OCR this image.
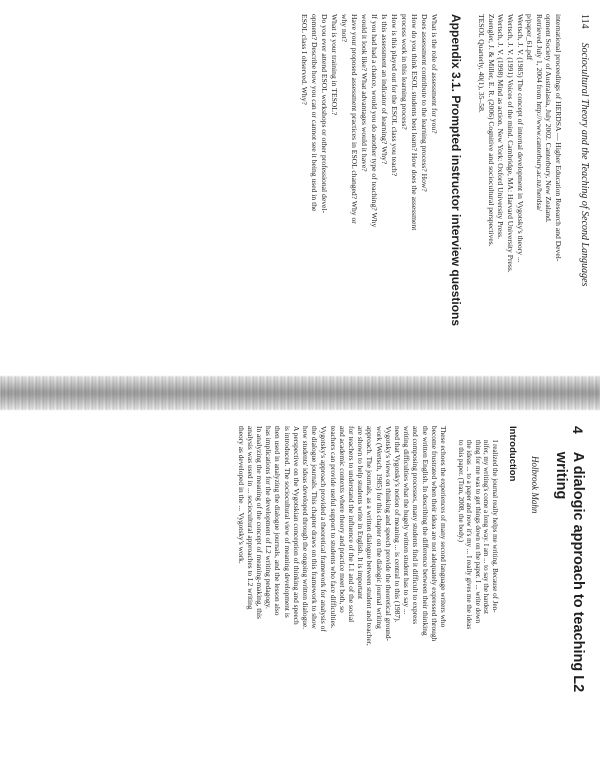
114
Sociocultural Theory and the Teaching of Second Languages

international proceedings of HERDSA — Higher Education Research and Devel-

opment Society of Australasia, July 2002. Canterbury, New Zealand.

Retrieved July 1, 2004 from http://www.canterbury.ac.nz/herdsa/

p/paper_61.pdf

Wertsch, J. V. (1985) The concept of internal development in Vygotsky's theory ...

Wertsch, J. V. (1991) Voices of the mind. Cambridge, MA: Harvard University Press.

Wertsch, J. V. (1998) Mind as action. New York: Oxford University Press.

Zuengler, J. & Miller, E. R. (2006) Cognitive and sociocultural perspectives.

TESOL Quarterly, 40(1), 35–58.

Appendix 3.1. Prompted instructor interview questions

What is the role of assessment for you?

Does assessment contribute to the learning process? How?

How do you think ESOL students best learn? How does the assessment

process work in this learning process?

How is this played out for the ESOL class you teach?

Is this assessment an indicator of learning? Why?

If you had had a chance, would you do another type of teaching? Why

would it look like? What advantages would it have?

Have your proposed assessment practices in ESOL changed? Why or

why not?

What is your training in TESOL?

Do you ever attend ESOL workshops or other professional devel-

opment? Describe how you can or cannot see it being used in the

ESOL class I observed. Why?

4
A dialogic approach to teaching L2
writing

Holbrook Mahn

Introduction

I realized the journal really helps me writing. Because of Jen-

nifer, my writing's come a long way. I am ... to say the hardest

thing for me was to get things down on the paper. I ... write down

the ideas ... to a paper and now it's my ... I really gives me the ideas

to this paper. (Tran, 2008, the body.)

These echoes the experiences of many second language writers who

become frustrated when their ideas are not adequately expressed through

the written English. In describing the difference between their thinking

and composing processes, many students find it difficult to express

writing difficulties what the hugely written student has to say ...

need that Vygotsky's notion of meaning ... is central to this (1987).

Vygotsky's views on thinking and speech provide the theoretical ground-

work (Wertsch, 1985) for this chapter on the dialogic journal writing

approach. The journals, as a written dialogue between student and teacher,

are shown to help students write in English. It is important

for teachers to understand the influence of the L1 and of the social

and academic contexts where theory and practice meet both, so

teachers can provide useful support to students who face difficulties.

Vygotsky's approach provided a theoretical framework for analysis of

the dialogue journals. This chapter draws on this framework to show

how students' ideas developed through the ongoing written dialogue.

A perspective on the Vygotskian conception of thinking and speech

is introduced. The sociocultural view of meaning development is

then used in analyzing the dialogue journals, and the lesson also

has implications for the development of L2 writing pedagogy.

In analyzing the meaning of the concept of meaning-making, this

analysis was used in ... sociocultural approaches to L2 writing

theory as developed in the ... Vygotsky's work.
